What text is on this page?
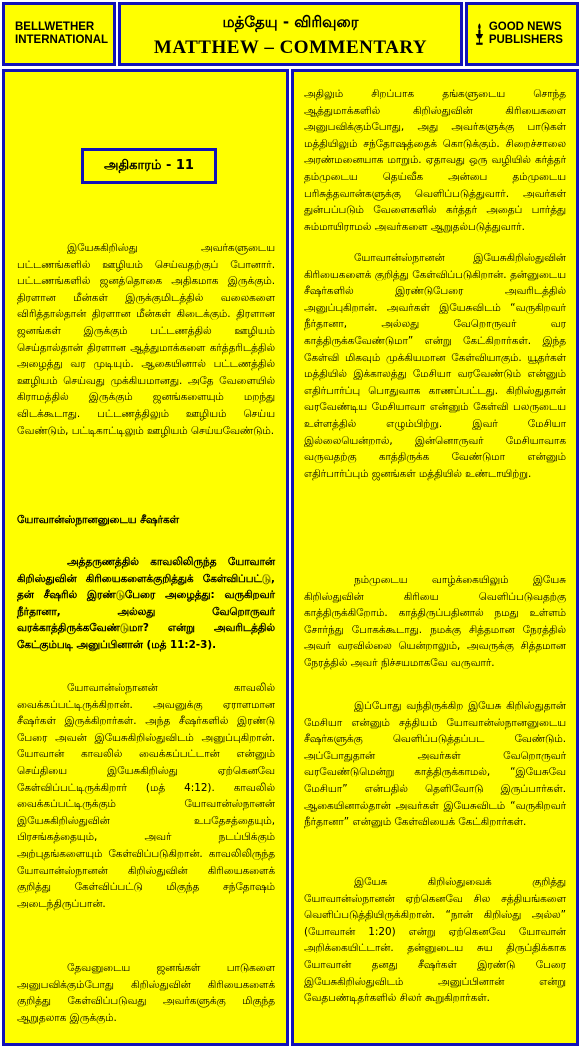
BELLWETHER INTERNATIONAL
மத்தேயு - விரிவுரை
MATTHEW – COMMENTARY
GOOD NEWS PUBLISHERS
அதிகாரம் - 11

இயேசுகிறிஸ்து அவர்களுடைய பட்டணங்களில் ஊழியம் செய்வதற்குப் போனார். பட்டணங்களில் ஜனத்தொகை அதிகமாக இருக்கும். திரளான மீன்கள் இருக்குமிடத்தில் வலைகளை விரித்தால்தான் திரளான மீன்கள் கிடைக்கும். திரளான ஜனங்கள் இருக்கும் பட்டணத்தில் ஊழியம் செய்தால்தான் திரளான ஆத்துமாக்களை கர்த்தரிடத்தில் அழைத்து வர முடியும். ஆகையினால் பட்டணத்தில் ஊழியம் செய்வது முக்கியமானது. அதே வேளையில் கிராமத்தில் இருக்கும் ஜனங்களையும் மறந்து விடக்கூடாது. பட்டணத்திலும் ஊழியம் செய்ய வேண்டும், பட்டிகாட்டிலும் ஊழியம் செய்யவேண்டும்.

யோவான்ஸ்நானனுடைய சீஷர்கள்

அத்தருணத்தில் காவலிலிருந்த யோவான் கிறிஸ்துவின் கிரியைகளைக்குறித்துக் கேள்விப்பட்டு, தன் சீஷரில் இரண்டுபேரை அழைத்து: வருகிறவர் நீர்தானா, அல்லது வேறொருவர் வரக்காத்திருக்கவேண்டுமா? என்று அவரிடத்தில் கேட்கும்படி அனுப்பினான் (மத் 11:2-3).

யோவான்ஸ்நானன் காவலில் வைக்கப்பட்டிருக்கிறான். அவனுக்கு ஏராளமான சீஷர்கள் இருக்கிறார்கள். அந்த சீஷர்களில் இரண்டு பேரை அவன் இயேசுகிறிஸ்துவிடம் அனுப்புகிறான். யோவான் காவலில் வைக்கப்பட்டான் என்னும் செய்தியை இயேசுகிறிஸ்து ஏற்கெனவே கேள்விப்பட்டிருக்கிறார் (மத் 4:12). காவலில் வைக்கப்பட்டிருக்கும் யோவான்ஸ்நானன் இயேசுகிறிஸ்துவின் உபதேசத்தையும், பிரசங்கத்தையும், அவர் நடப்பிக்கும் அற்புதங்களையும் கேள்விப்படுகிறான். காவலிலிருந்த யோவான்ஸ்நானன் கிறிஸ்துவின் கிரியைகளைக் குறித்து கேள்விப்பட்டு மிகுந்த சந்தோஷம் அடைந்திருப்பான்.

தேவனுடைய ஜனங்கள் பாடுகளை அனுபவிக்கும்போது கிறிஸ்துவின் கிரியைகளைக் குறித்து கேள்விப்படுவது அவர்களுக்கு மிகுந்த ஆறுதலாக இருக்கும்.

அதிலும் சிறப்பாக தங்களுடைய சொந்த ஆத்துமாக்களில் கிறிஸ்துவின் கிரியைகளை அனுபவிக்கும்போது, அது அவர்களுக்கு பாடுகள் மத்தியிலும் சந்தோஷத்தைக் கொடுக்கும். சிறைச்சாலை அரண்மனையாக மாறும். ஏதாவது ஒரு வழியில் கர்த்தர் தம்முடைய தெய்வீக அன்பை தம்முடைய பரிசுத்தவான்களுக்கு வெளிப்படுத்துவார். அவர்கள் துன்பப்படும் வேளைகளில் கர்த்தர் அதைப் பார்த்து சும்மாயிராமல் அவர்களை ஆறுதல்படுத்துவார்.

யோவான்ஸ்நானன் இயேசுகிறிஸ்துவின் கிரியைகளைக் குறித்து கேள்விப்படுகிறான். தன்னுடைய சீஷர்களில் இரண்டுபேரை அவரிடத்தில் அனுப்புகிறான். அவர்கள் இயேசுவிடம் “வருகிறவர் நீர்தானா, அல்லது வேறொருவர் வர காத்திருக்கவேண்டுமா” என்று கேட்கிறார்கள். இந்த கேள்வி மிகவும் முக்கியமான கேள்வியாகும். யூதர்கள் மத்தியில் இக்காலத்து மேசியா வரவேண்டும் என்னும் எதிர்பார்ப்பு பொதுவாக காணப்பட்டது. கிறிஸ்துதான் வரவேண்டிய மேசியாவா என்னும் கேள்வி பலருடைய உள்ளத்தில் எழும்பிற்று. இவர் மேசியா இல்லையென்றால், இன்னொருவர் மேசியாவாக வருவதற்கு காத்திருக்க வேண்டுமா என்னும் எதிர்பார்ப்பும் ஜனங்கள் மத்தியில் உண்டாயிற்று.

நம்முடைய வாழ்க்கையிலும் இயேசு கிறிஸ்துவின் கிரியை வெளிப்படுவதற்கு காத்திருக்கிறோம். காத்திருப்பதினால் நமது உள்ளம் சோர்ந்து போகக்கூடாது. நமக்கு சித்தமான நேரத்தில் அவர் வரவில்லை யென்றாலும், அவருக்கு சித்தமான நேரத்தில் அவர் நிச்சயமாகவே வருவார்.

இப்போது வந்திருக்கிற இயேசு கிறிஸ்துதான் மேசியா என்னும் சத்தியம் யோவான்ஸ்நானனுடைய சீஷர்களுக்கு வெளிப்படுத்தப்பட வேண்டும். அப்போதுதான் அவர்கள் வேறொருவர் வரவேண்டுமென்று காத்திருக்காமல், “இயேசுவே மேசியா” என்பதில் தெளிவோடு இருப்பார்கள். ஆகையினால்தான் அவர்கள் இயேசுவிடம் “வருகிறவர் நீர்தானா” என்னும் கேள்வியைக் கேட்கிறார்கள்.

இயேசு கிறிஸ்துவைக் குறித்து யோவான்ஸ்நானன் ஏற்கெனவே சில சத்தியங்களை வெளிப்படுத்தியிருக்கிறான். “நான் கிறிஸ்து அல்ல” (யோவான் 1:20) என்று ஏற்கெனவே யோவான் அறிக்கையிட்டான். தன்னுடைய சுய திருப்திக்காக யோவான் தனது சீஷர்கள் இரண்டு பேரை இயேசுகிறிஸ்துவிடம் அனுப்பினான் என்று வேதபண்டிதர்களில் சிலர் கூறுகிறார்கள்.
